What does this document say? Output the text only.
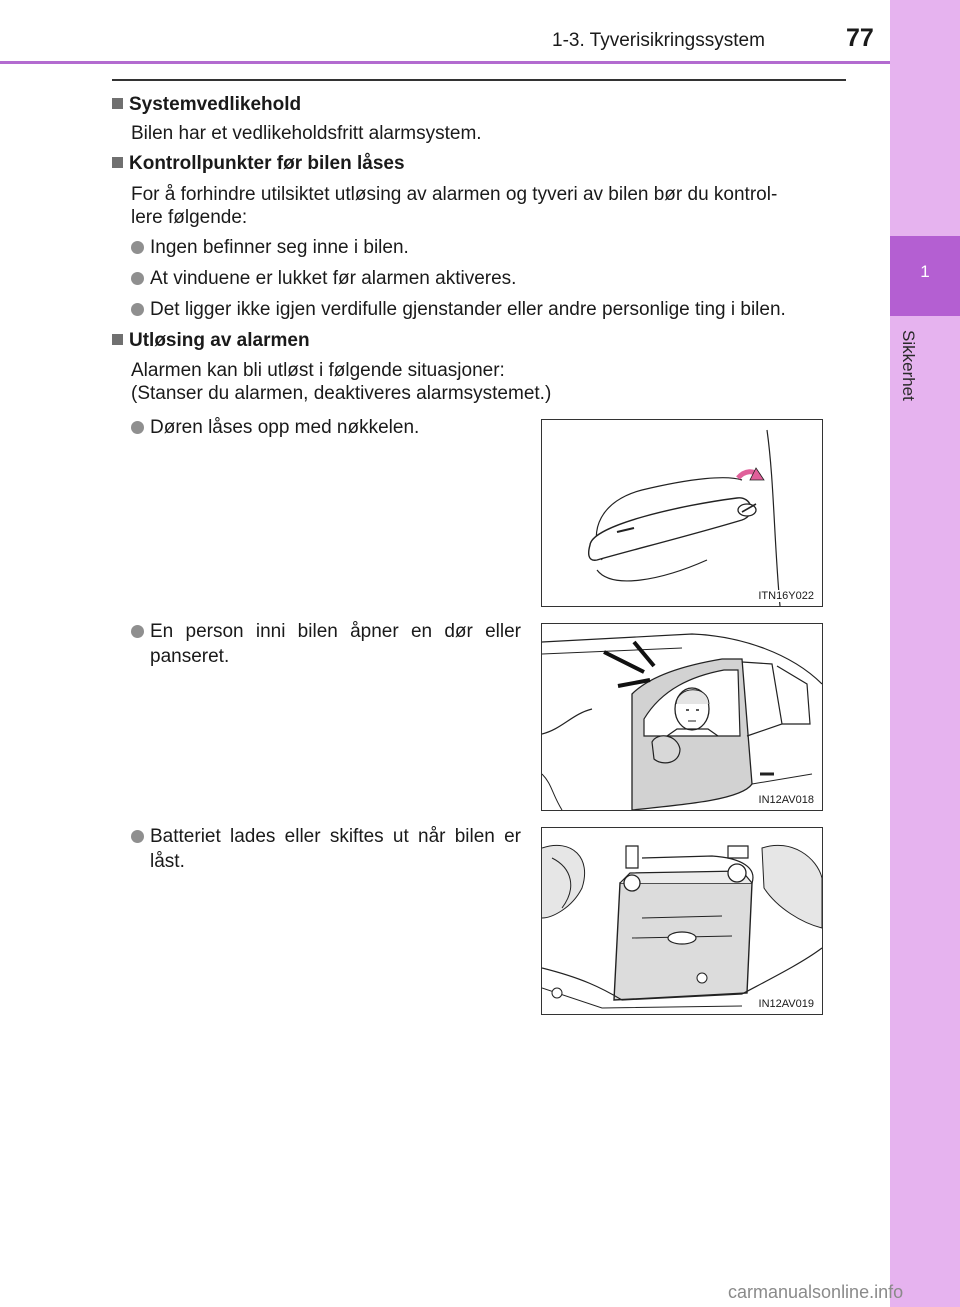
1-3. Tyverisikringssystem	77
1
Sikkerhet
Systemvedlikehold
Bilen har et vedlikeholdsfritt alarmsystem.
Kontrollpunkter før bilen låses
For å forhindre utilsiktet utløsing av alarmen og tyveri av bilen bør du kontrol-
lere følgende:
Ingen befinner seg inne i bilen.
At vinduene er lukket før alarmen aktiveres.
Det ligger ikke igjen verdifulle gjenstander eller andre personlige ting i bilen.
Utløsing av alarmen
Alarmen kan bli utløst i følgende situasjoner:
(Stanser du alarmen, deaktiveres alarmsystemet.)
Døren låses opp med nøkkelen.
ITN16Y022
En person inni bilen åpner en dør eller
panseret.
IN12AV018
Batteriet lades eller skiftes ut når bilen er
låst.
IN12AV019
carmanualsonline.info
